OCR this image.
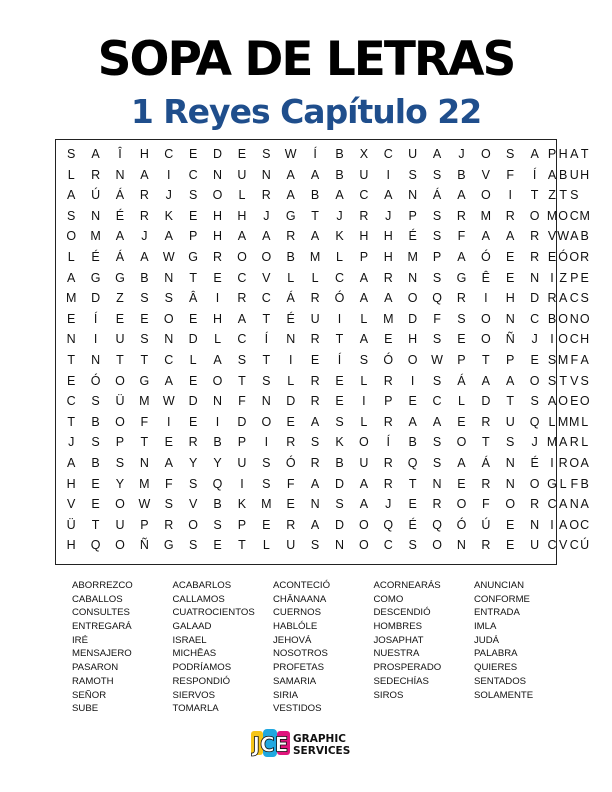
SOPA DE LETRAS
1 Reyes Capítulo 22
S	A	Î	H	C	E	D	E	S	W	Í	B	X	C	U	A	J	O	S	A P H A T
L	R	N	A	I	C	N	U	N	A	A	B	U	I	S	S	B	V	F	Í A B U H
A	Ú	Á	R	J	S	O	L	R	A	B	A	C	A	N	Á	A	O	I	T Z T S
S	N	É	R	K	E	H	H	J	G	T	J	R	J	P	S	R	M	R	O M O C M
O	M	A	J	A	P	H	A	A	R	A	K	H	H	É	S	F	A	A	R V W A B
L	É	Á	A	W	G	R	O	O	B	M	L	P	H	M	P	A	Ó	E	R E Ó O R
A	G	G	B	N	T	E	C	V	L	L	C	A	R	N	S	G	Ê	E	N I Z P E
M	D	Z	S	S	Â	I	R	C	Á	R	Ó	A	A	O	Q	R	I	H	D R A C S
E	Í	E	E	O	E	H	A	T	É	U	I	L	M	D	F	S	O	N	C B O N O
N	I	U	S	N	D	L	C	Í	N	R	T	A	E	H	S	E	O	Ñ	J	I O C H
T	N	T	T	C	L	A	S	T	I	E	Í	S	Ó	O	W	P	T	P	E S M F A
E	Ó	O	G	A	E	O	T	S	L	R	E	L	R	I	S	Á	A	A	O S T V S
C	S	Ü	M	W	D	N	F	N	D	R	E	I	P	E	C	L	D	T	S A O E O
T	B	O	F	I	E	I	D	O	E	A	S	L	R	A	A	E	R	U	Q L M M L
J	S	P	T	E	R	B	P	I	R	S	K	O	Í	B	S	O	T	S	J M A R L
A	B	S	N	A	Y	Y	U	S	Ó	R	B	U	R	Q	S	A	Á	N	É I R O A
H	E	Y	M	F	S	Q	I	S	F	A	D	A	R	T	N	E	R	N	O G L F B
V	E	O	W	S	V	B	K	M	E	N	S	A	J	E	R	O	F	O	R C A N A
Ü	T	U	P	R	O	S	P	E	R	A	D	O	Q	É	Q	Ó	Ú	E	N I A O C
H	Q	O	Ñ	G	S	E	T	L	U	S	N	O	C	S	O	N	R	E	U C V C Ú
ABORREZCO	ACABARLOS	ACONTECIÓ	ACORNEARÁS	ANUNCIAN
CABALLOS	CALLAMOS	CHÂNAANA	COMO	CONFORME
CONSULTES	CUATROCIENTOS	CUERNOS	DESCENDIÓ	ENTRADA
ENTREGARÁ	GALAAD	HABLÓLE	HOMBRES	IMLA
IRÉ	ISRAEL	JEHOVÁ	JOSAPHAT	JUDÁ
MENSAJERO	MICHÊAS	NOSOTROS	NUESTRA	PALABRA
PASARON	PODRÍAMOS	PROFETAS	PROSPERADO	QUIERES
RAMOTH	RESPONDIÓ	SAMARIA	SEDECHÍAS	SENTADOS
SEÑOR	SIERVOS	SIRIA	SIROS	SOLAMENTE
SUBE	TOMARLA	VESTIDOS
JCE GRAPHIC
SERVICES
